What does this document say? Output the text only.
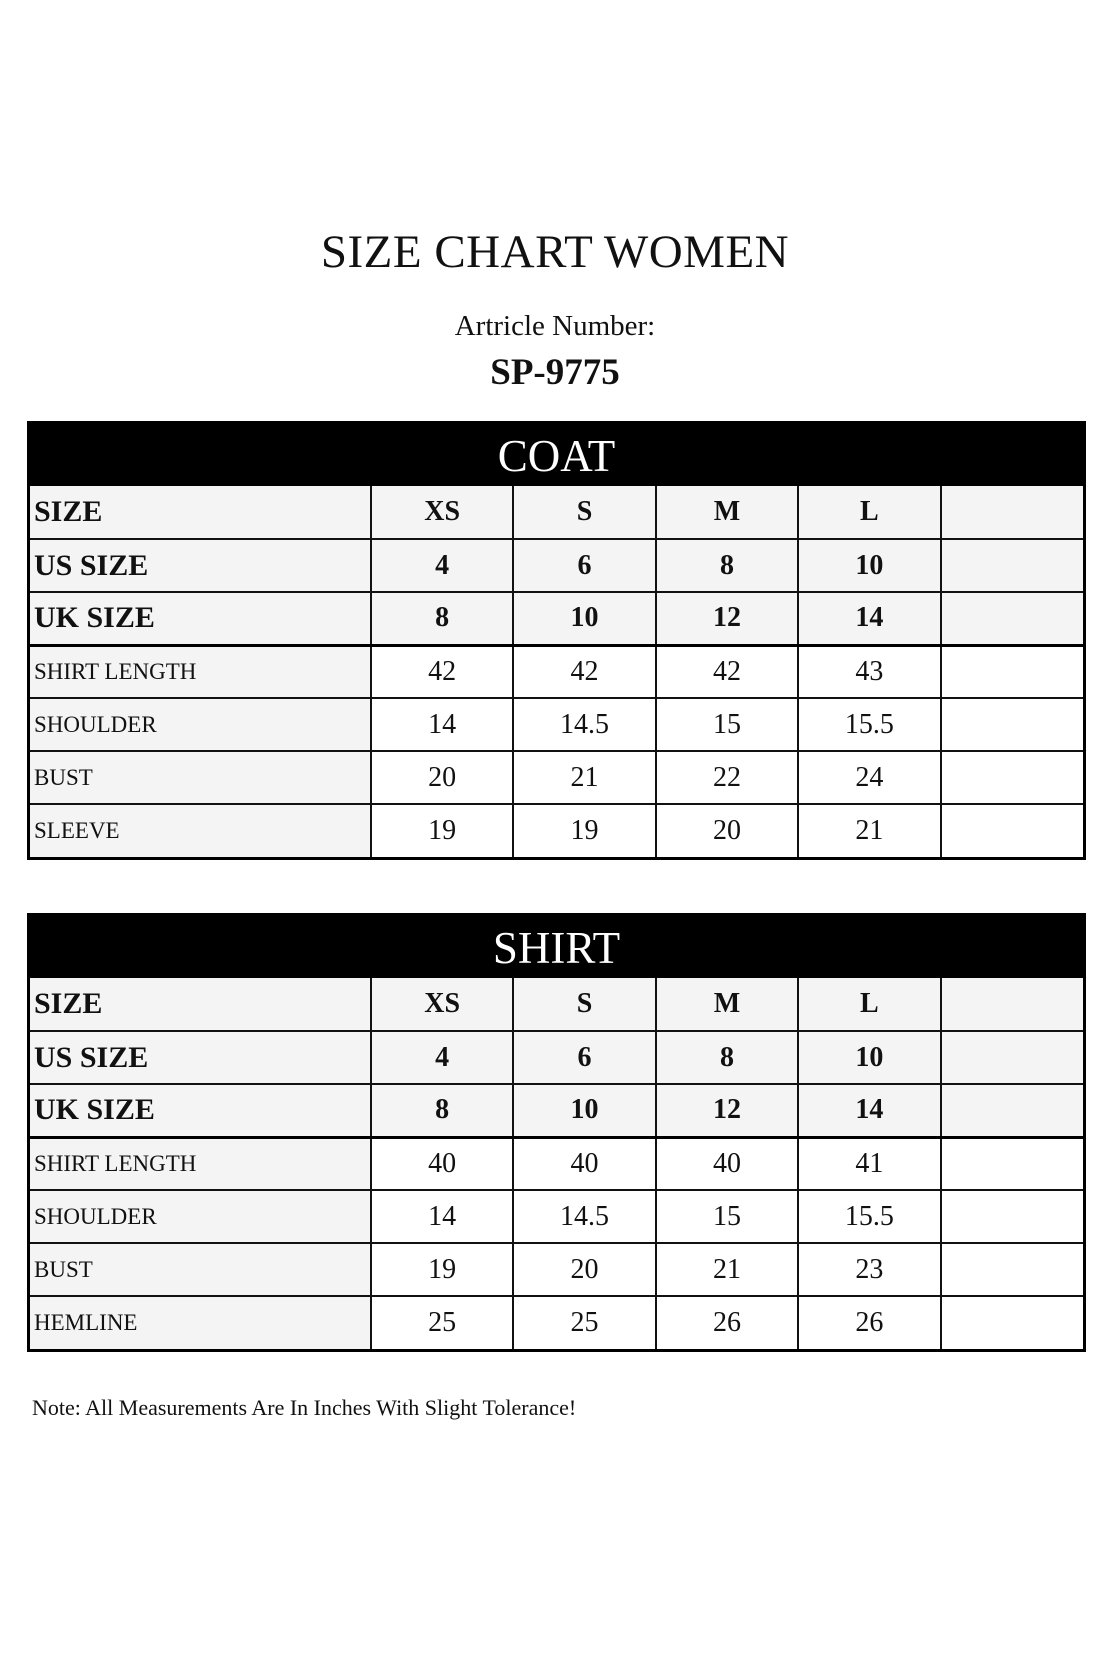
SIZE CHART WOMEN
Artricle Number:
SP-9775
COAT
SIZE	XS	S	M	L	
US SIZE	4	6	8	10	
UK SIZE	8	10	12	14	
SHIRT LENGTH	42	42	42	43	
SHOULDER	14	14.5	15	15.5	
BUST	20	21	22	24	
SLEEVE	19	19	20	21	
SHIRT
SIZE	XS	S	M	L	
US SIZE	4	6	8	10	
UK SIZE	8	10	12	14	
SHIRT LENGTH	40	40	40	41	
SHOULDER	14	14.5	15	15.5	
BUST	19	20	21	23	
HEMLINE	25	25	26	26	
Note: All Measurements Are In Inches With Slight Tolerance!
